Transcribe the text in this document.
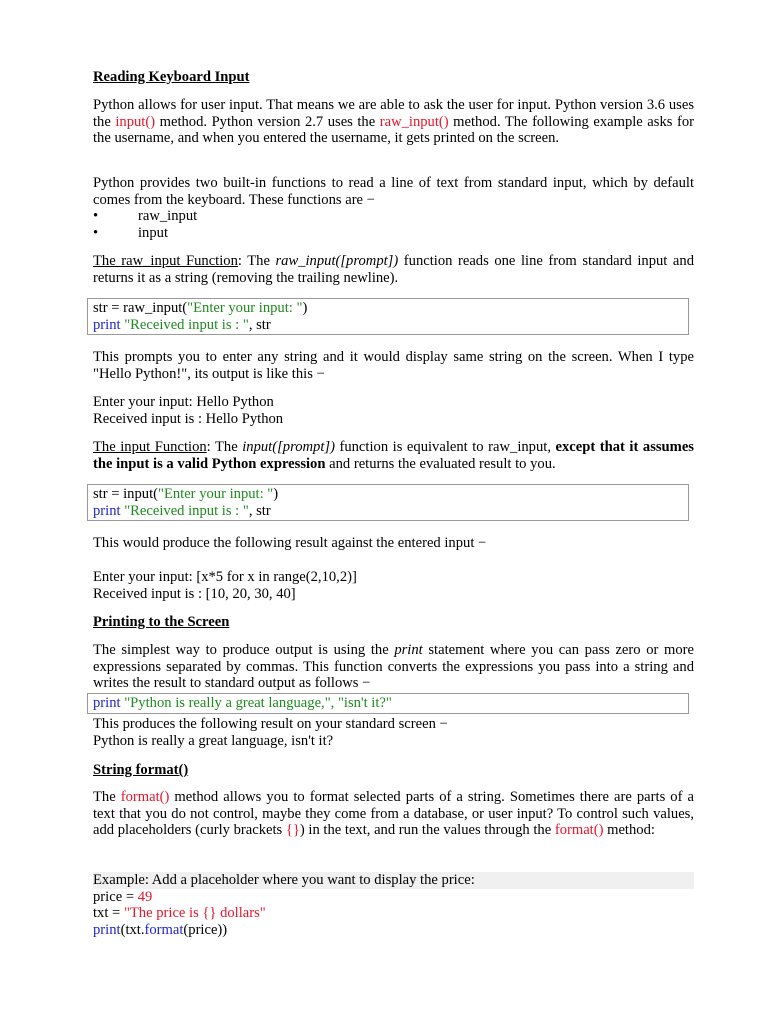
Reading Keyboard Input

Python allows for user input. That means we are able to ask the user for input. Python version 3.6 uses the input() method. Python version 2.7 uses the raw_input() method. The following example asks for the username, and when you entered the username, it gets printed on the screen.

Python provides two built-in functions to read a line of text from standard input, which by default comes from the keyboard. These functions are −

•	raw_input
•	input

The raw_input Function: The raw_input([prompt]) function reads one line from standard input and returns it as a string (removing the trailing newline).

str = raw_input("Enter your input: ")
print "Received input is : ", str

This prompts you to enter any string and it would display same string on the screen. When I type "Hello Python!", its output is like this −

Enter your input: Hello Python
Received input is : Hello Python

The input Function: The input([prompt]) function is equivalent to raw_input, except that it assumes the input is a valid Python expression and returns the evaluated result to you.

str = input("Enter your input: ")
print "Received input is : ", str

This would produce the following result against the entered input −

Enter your input: [x*5 for x in range(2,10,2)]
Received input is : [10, 20, 30, 40]

Printing to the Screen

The simplest way to produce output is using the print statement where you can pass zero or more expressions separated by commas. This function converts the expressions you pass into a string and writes the result to standard output as follows −

print "Python is really a great language,", "isn't it?"

This produces the following result on your standard screen −

Python is really a great language, isn't it?

String format()

The format() method allows you to format selected parts of a string. Sometimes there are parts of a text that you do not control, maybe they come from a database, or user input? To control such values, add placeholders (curly brackets {}) in the text, and run the values through the format() method:

Example: Add a placeholder where you want to display the price:
price = 49
txt = "The price is {} dollars"
print(txt.format(price))
